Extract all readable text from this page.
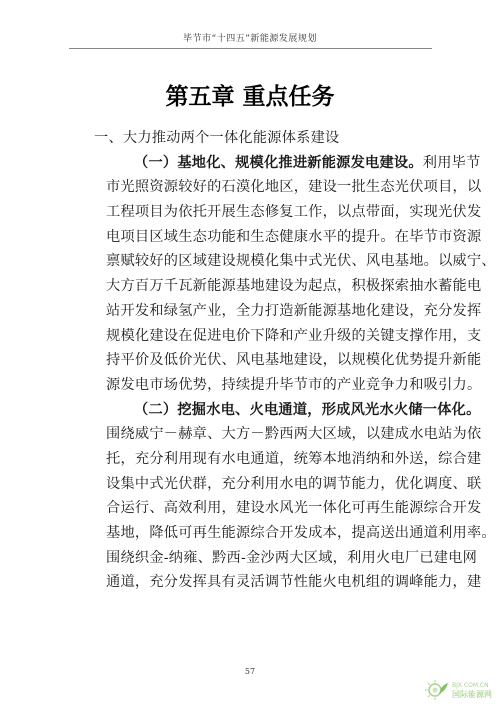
毕节市“十四五”新能源发展规划
第五章 重点任务
一、大力推动两个一体化能源体系建设
（一）基地化、规模化推进新能源发电建设。利用毕节
市光照资源较好的石漠化地区，建设一批生态光伏项目，以
工程项目为依托开展生态修复工作，以点带面，实现光伏发
电项目区域生态功能和生态健康水平的提升。在毕节市资源
禀赋较好的区域建设规模化集中式光伏、风电基地。以威宁、
大方百万千瓦新能源基地建设为起点，积极探索抽水蓄能电
站开发和绿氢产业，全力打造新能源基地化建设，充分发挥
规模化建设在促进电价下降和产业升级的关键支撑作用，支
持平价及低价光伏、风电基地建设，以规模化优势提升新能
源发电市场优势，持续提升毕节市的产业竞争力和吸引力。
（二）挖掘水电、火电通道，形成风光水火储一体化。
围绕威宁－赫章、大方－黔西两大区域，以建成水电站为依
托，充分利用现有水电通道，统筹本地消纳和外送，综合建
设集中式光伏群，充分利用水电的调节能力，优化调度、联
合运行、高效利用，建设水风光一体化可再生能源综合开发
基地，降低可再生能源综合开发成本，提高送出通道利用率。
围绕织金-纳雍、黔西-金沙两大区域，利用火电厂已建电网
通道，充分发挥具有灵活调节性能火电机组的调峰能力，建
57
BJX.COM.CN
国际能源网
